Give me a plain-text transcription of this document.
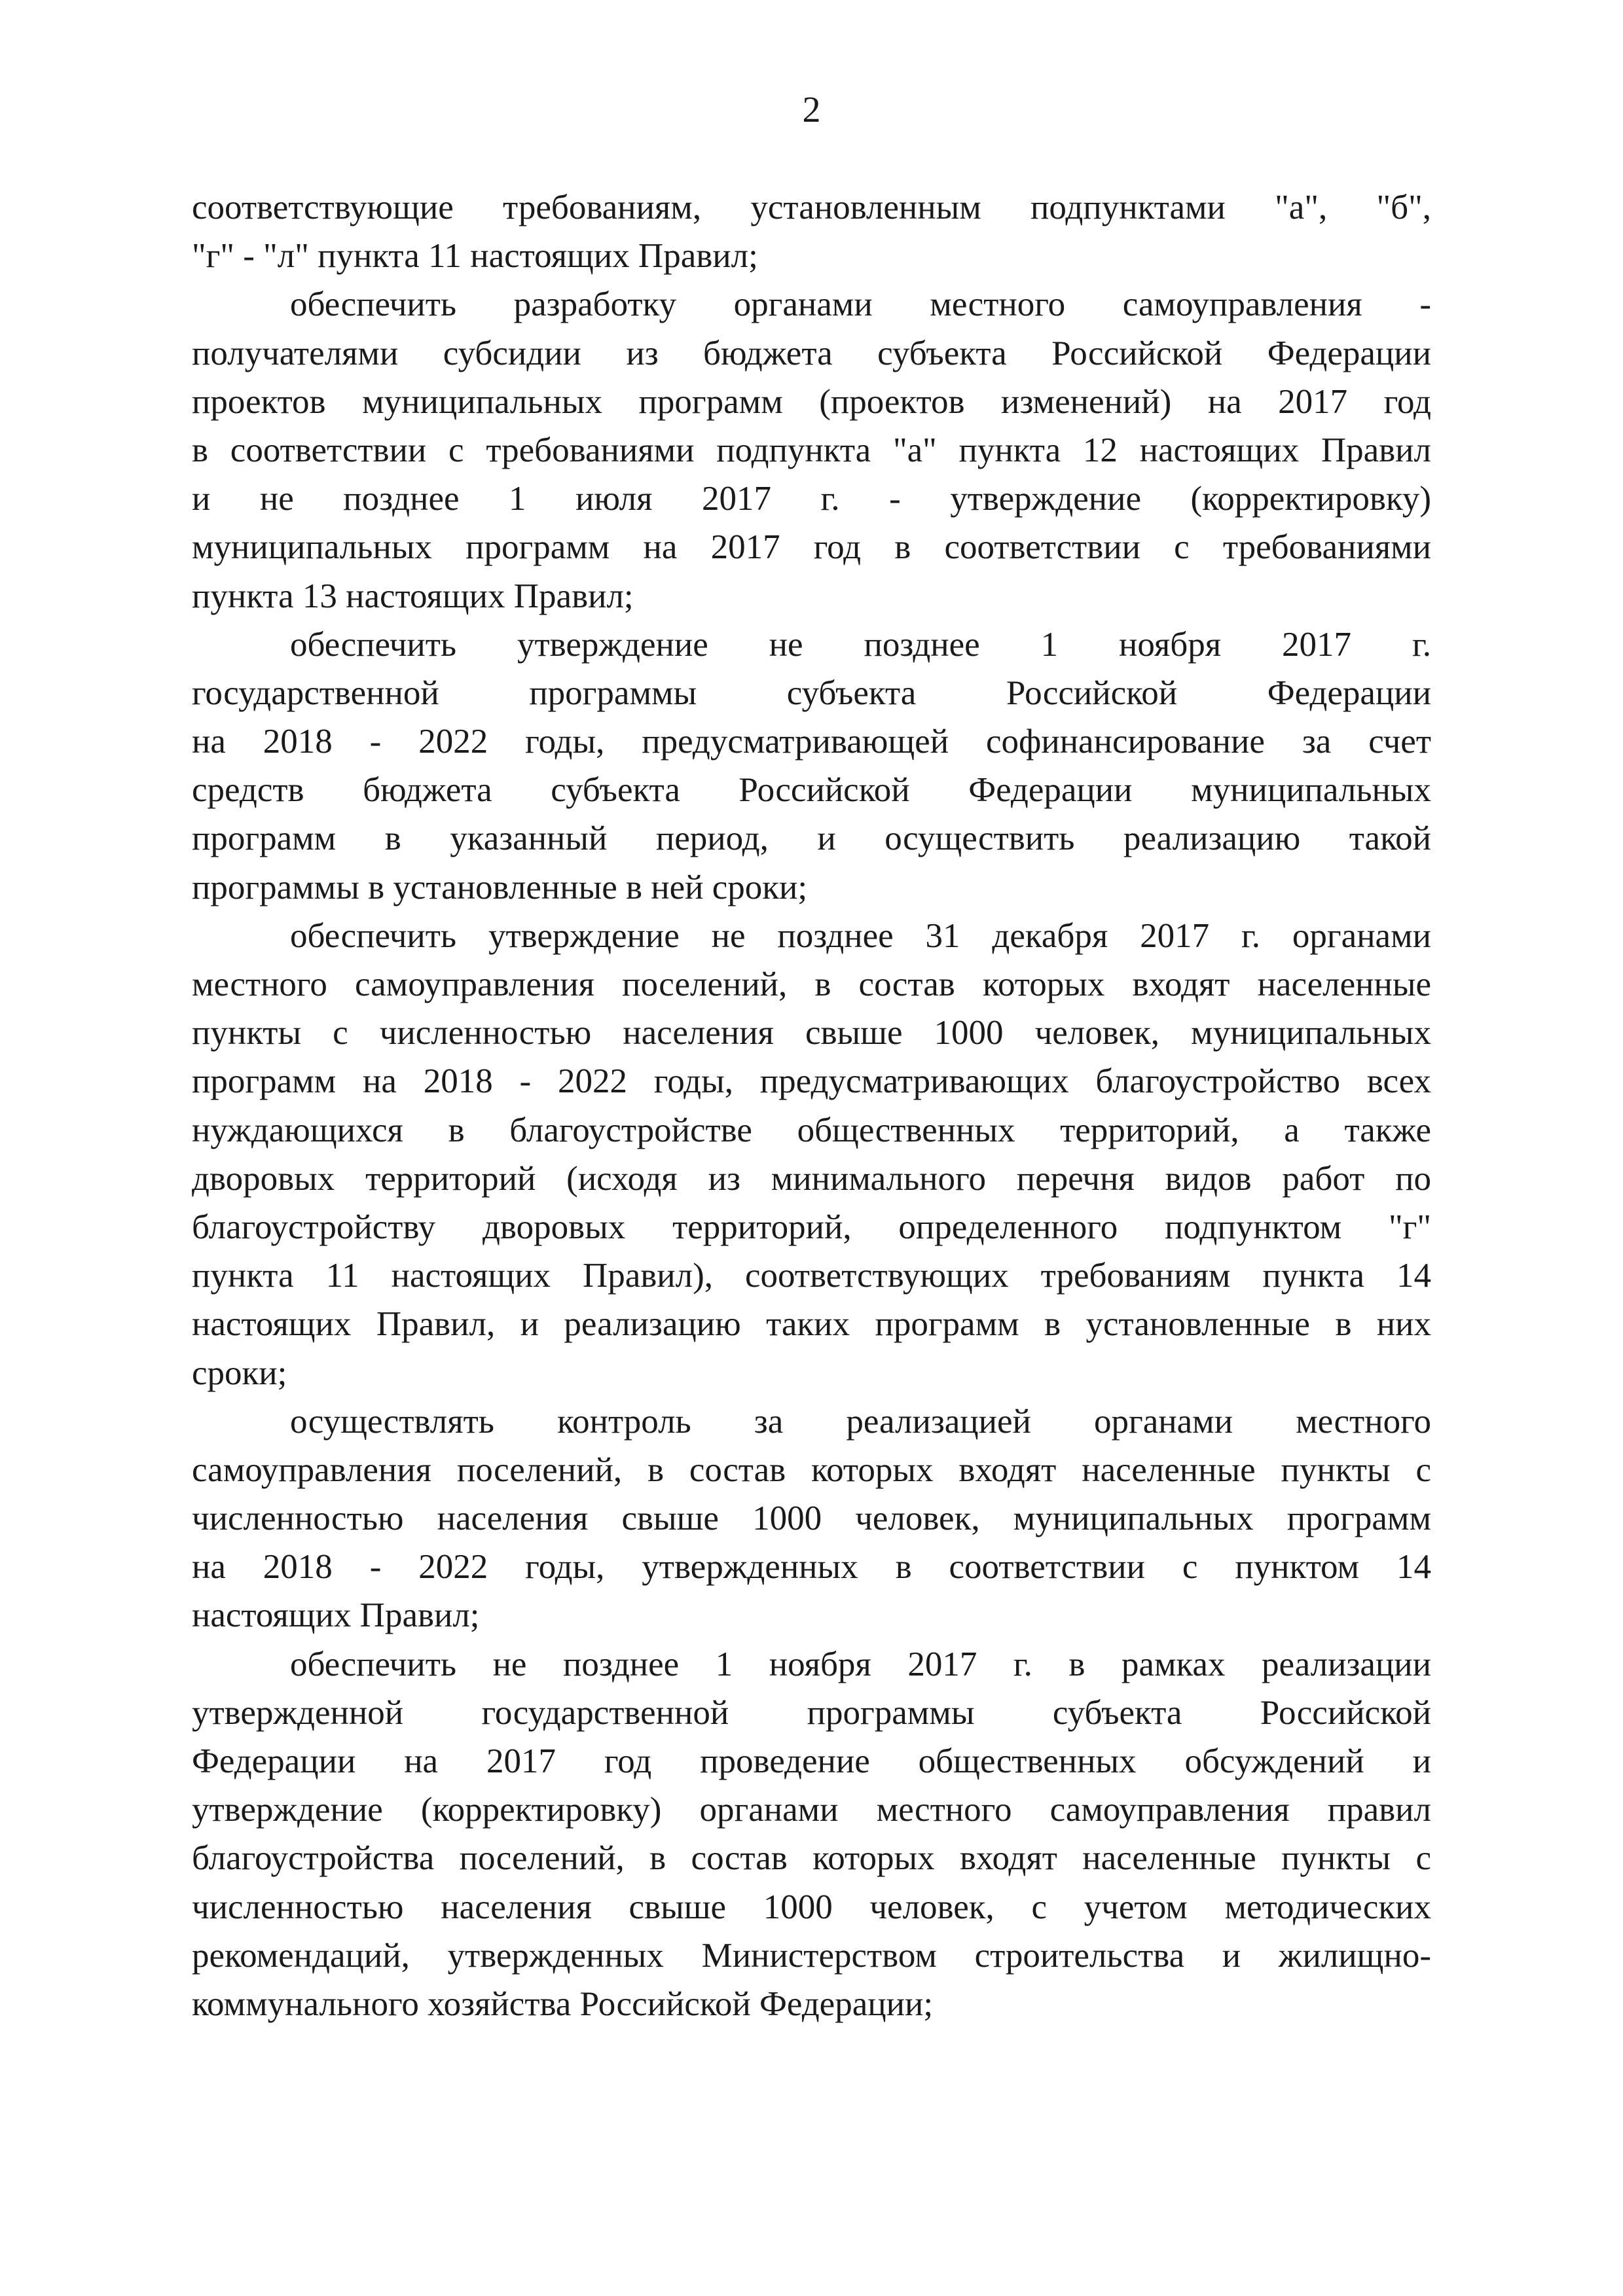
2
соответствующие требованиям, установленным подпунктами "а", "б",
"г" - "л" пункта 11 настоящих Правил;
обеспечить разработку органами местного самоуправления -
получателями субсидии из бюджета субъекта Российской Федерации
проектов муниципальных программ (проектов изменений) на 2017 год
в соответствии с требованиями подпункта "а" пункта 12 настоящих Правил
и не позднее 1 июля 2017 г. - утверждение (корректировку)
муниципальных программ на 2017 год в соответствии с требованиями
пункта 13 настоящих Правил;
обеспечить утверждение не позднее 1 ноября 2017 г.
государственной программы субъекта Российской Федерации
на 2018 - 2022 годы, предусматривающей софинансирование за счет
средств бюджета субъекта Российской Федерации муниципальных
программ в указанный период, и осуществить реализацию такой
программы в установленные в ней сроки;
обеспечить утверждение не позднее 31 декабря 2017 г. органами
местного самоуправления поселений, в состав которых входят населенные
пункты с численностью населения свыше 1000 человек, муниципальных
программ на 2018 - 2022 годы, предусматривающих благоустройство всех
нуждающихся в благоустройстве общественных территорий, а также
дворовых территорий (исходя из минимального перечня видов работ по
благоустройству дворовых территорий, определенного подпунктом "г"
пункта 11 настоящих Правил), соответствующих требованиям пункта 14
настоящих Правил, и реализацию таких программ в установленные в них
сроки;
осуществлять контроль за реализацией органами местного
самоуправления поселений, в состав которых входят населенные пункты с
численностью населения свыше 1000 человек, муниципальных программ
на 2018 - 2022 годы, утвержденных в соответствии с пунктом 14
настоящих Правил;
обеспечить не позднее 1 ноября 2017 г. в рамках реализации
утвержденной государственной программы субъекта Российской
Федерации на 2017 год проведение общественных обсуждений и
утверждение (корректировку) органами местного самоуправления правил
благоустройства поселений, в состав которых входят населенные пункты с
численностью населения свыше 1000 человек, с учетом методических
рекомендаций, утвержденных Министерством строительства и жилищно-
коммунального хозяйства Российской Федерации;
